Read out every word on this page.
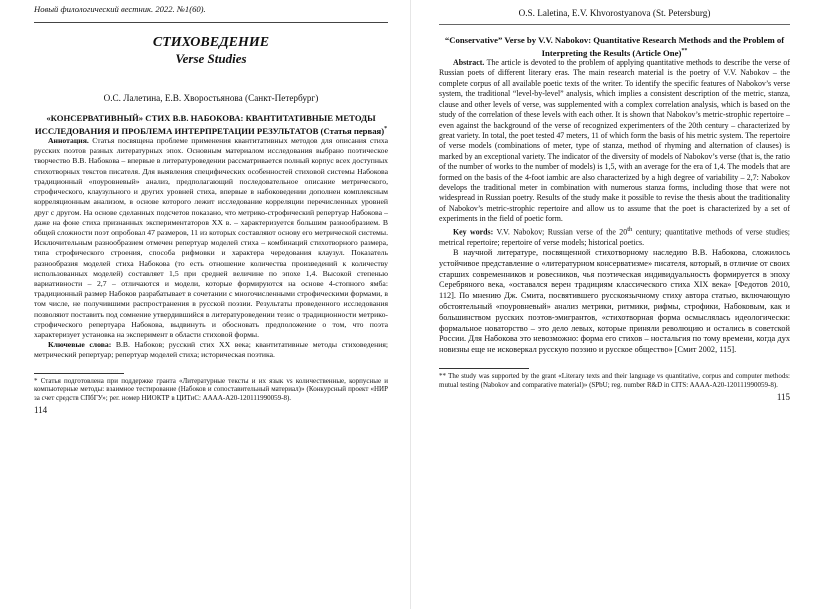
Новый филологический вестник. 2022. №1(60).
СТИХОВЕДЕНИЕ
Verse Studies
О.С. Лалетина, Е.В. Хворостьянова (Санкт-Петербург)
«КОНСЕРВАТИВНЫЙ» СТИХ В.В. НАБОКОВА: КВАНТИТАТИВНЫЕ МЕТОДЫ ИССЛЕДОВАНИЯ И ПРОБЛЕМА ИНТЕРПРЕТАЦИИ РЕЗУЛЬТАТОВ (Статья первая)*

Аннотация. Статья посвящена проблеме применения квантитативных методов для описания стиха русских поэтов разных литературных эпох. Основным материалом исследования выбрано поэтическое творчество В.В. Набокова – впервые в литературоведении рассматривается полный корпус всех доступных стихотворных текстов писателя. Для выявления специфических особенностей стиховой системы Набокова традиционный «поуровневый» анализ, предполагающий последовательное описание метрического, строфического, клаузульного и других уровней стиха, впервые в набоковедении дополнен комплексным корреляционным анализом, в основе которого лежит исследование корреляции перечисленных уровней друг с другом. На основе сделанных подсчетов показано, что метрико-строфический репертуар Набокова – даже на фоне стиха признанных экспериментаторов XX в. – характеризуется большим разнообразием. В общей сложности поэт опробовал 47 размеров, 11 из которых составляют основу его метрической системы. Исключительным разнообразием отмечен репертуар моделей стиха – комбинаций стихотворного размера, типа строфического строения, способа рифмовки и характера чередования клаузул. Показатель разнообразия моделей стиха Набокова (то есть отношение количества произведений к количеству использованных моделей) составляет 1,5 при средней величине по эпохе 1,4. Высокой степенью вариативности – 2,7 – отличаются и модели, которые формируются на основе 4-стопного ямба: традиционный размер Набоков разрабатывает в сочетании с многочисленными строфическими формами, в том числе, не получившими распространения в русской поэзии. Результаты проведенного исследования позволяют поставить под сомнение утвердившийся в литературоведении тезис о традиционности метрико-строфического репертуара Набокова, выдвинуть и обосновать предположение о том, что поэта характеризует установка на эксперимент в области стиховой формы.

Ключевые слова: В.В. Набоков; русский стих XX века; квантитативные методы стиховедения; метрический репертуар; репертуар моделей стиха; историческая поэтика.

* Статья подготовлена при поддержке гранта «Литературные тексты и их язык vs количественные, корпусные и компьютерные методы: взаимное тестирование (Набоков и сопоставительный материал)» (Конкурсный проект «НИР за счет средств СПбГУ»; рег. номер НИОКТР в ЦИТиС: АААА-А20-120111990059-8).
114
O.S. Laletina, E.V. Khvorostyanova (St. Petersburg)
“Conservative” Verse by V.V. Nabokov: Quantitative Research Methods and the Problem of Interpreting the Results (Article One)**

Abstract. The article is devoted to the problem of applying quantitative methods to describe the verse of Russian poets of different literary eras. The main research material is the poetry of V.V. Nabokov – the complete corpus of all available poetic texts of the writer. To identify the specific features of Nabokov’s verse system, the traditional “level-by-level” analysis, which implies a consistent description of the metric, stanza, clause and other levels of verse, was supplemented with a complex correlation analysis, which is based on the study of the correlation of these levels with each other. It is shown that Nabokov’s metric-strophic repertoire – even against the background of the verse of recognized experimenters of the 20th century – characterized by great variety. In total, the poet tested 47 meters, 11 of which form the basis of his metric system. The repertoire of verse models (combinations of meter, type of stanza, method of rhyming and alternation of clauses) is marked by an exceptional variety. The indicator of the diversity of models of Nabokov’s verse (that is, the ratio of the number of works to the number of models) is 1,5, with an average for the era of 1,4. The models that are formed on the basis of the 4-foot iambic are also characterized by a high degree of variability – 2,7: Nabokov develops the traditional meter in combination with numerous stanza forms, including those that were not widespread in Russian poetry. Results of the study make it possible to revise the thesis about the traditionality of Nabokov’s metric-strophic repertoire and allow us to assume that the poet is characterized by a set of experiments in the field of poetic form.

Key words: V.V. Nabokov; Russian verse of the 20th century; quantitative methods of verse studies; metrical repertoire; repertoire of verse models; historical poetics.

В научной литературе, посвященной стихотворному наследию В.В. Набокова, сложилось устойчивое представление о «литературном консерватизме» писателя, который, в отличие от своих старших современников и ровесников, чья поэтическая индивидуальность формируется в эпоху Серебряного века, «оставался верен традициям классического стиха XIX века» [Федотов 2010, 112]. По мнению Дж. Смита, посвятившего русскоязычному стиху автора статью, включающую обстоятельный «поуровневый» анализ метрики, ритмики, рифмы, строфики, Набоковым, как и большинством русских поэтов-эмигрантов, «стихотворная форма осмыслялась идеологически: формальное новаторство – это дело левых, которые приняли революцию и остались в советской России. Для Набокова это невозможно: форма его стихов – ностальгия по тому времени, когда дух новизны еще не исковеркал русскую поэзию и русское общество» [Смит 2002, 115].

** The study was supported by the grant «Literary texts and their language vs quantitative, corpus and computer methods: mutual testing (Nabokov and comparative material)» (SPbU; reg. number R&D in CITS: AAAA-A20-120111990059-8).
115
